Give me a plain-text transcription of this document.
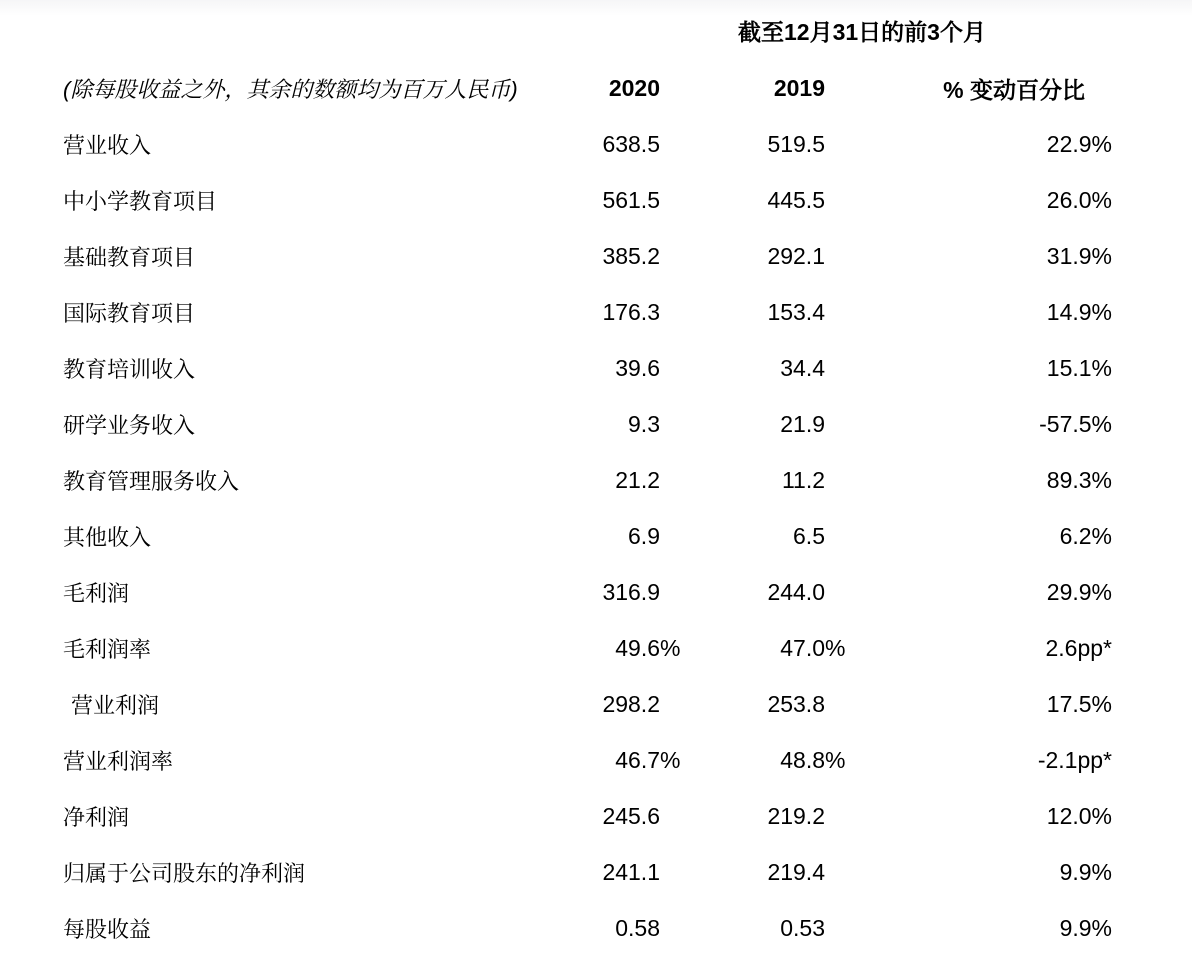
截至12月31日的前3个月
(除每股收益之外，其余的数额均为百万人民币)	2020	2019	% 变动百分比
营业收入	638.5	519.5	22.9%
中小学教育项目	561.5	445.5	26.0%
基础教育项目	385.2	292.1	31.9%
国际教育项目	176.3	153.4	14.9%
教育培训收入	39.6	34.4	15.1%
研学业务收入	9.3	21.9	-57.5%
教育管理服务收入	21.2	11.2	89.3%
其他收入	6.9	6.5	6.2%
毛利润	316.9	244.0	29.9%
毛利润率	49.6 %	47.0 %	2.6pp*
营业利润	298.2	253.8	17.5%
营业利润率	46.7 %	48.8 %	-2.1pp*
净利润	245.6	219.2	12.0%
归属于公司股东的净利润	241.1	219.4	9.9%
每股收益	0.58	0.53	9.9%
